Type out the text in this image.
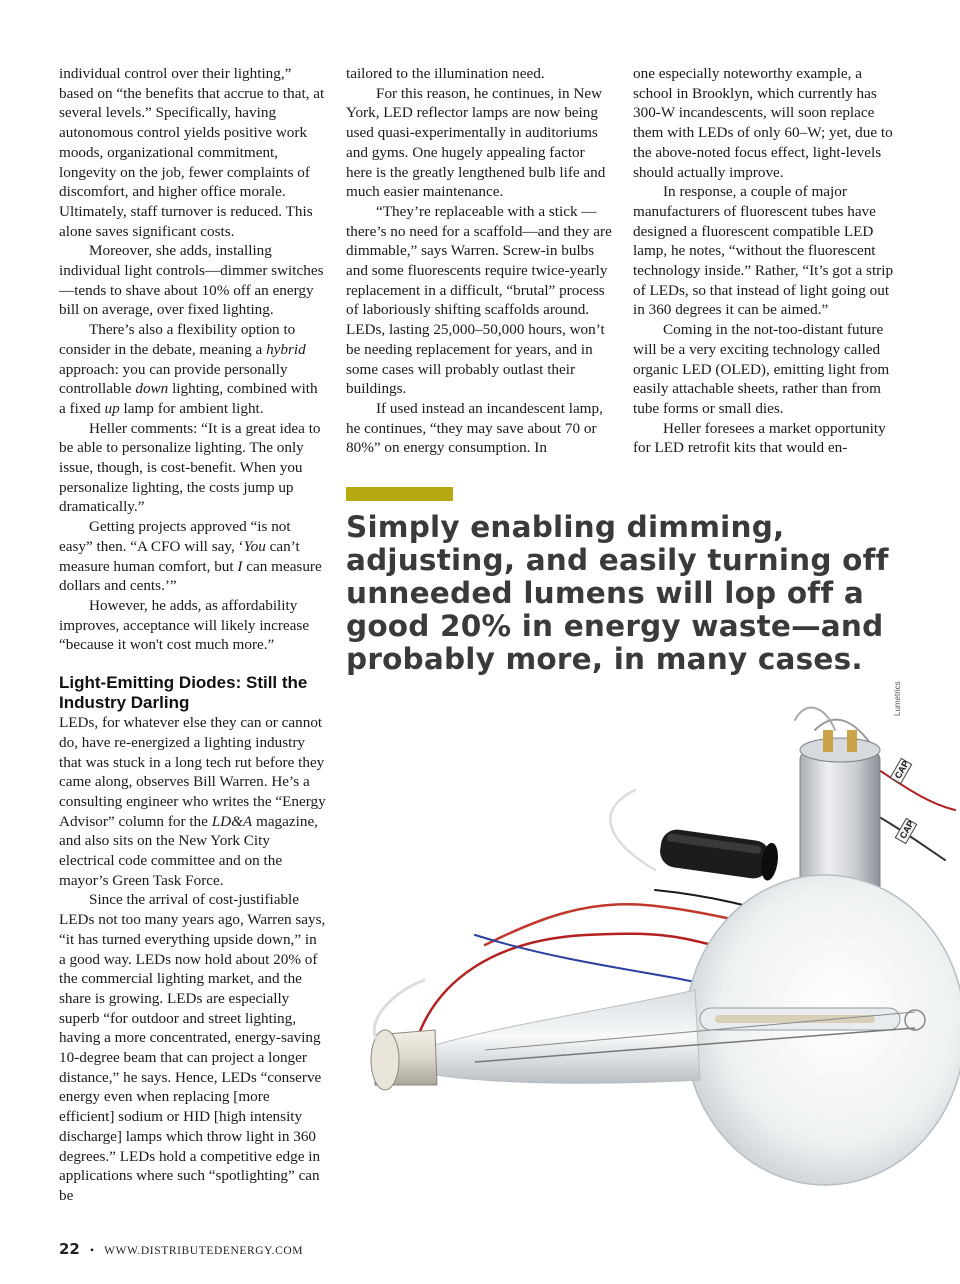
individual control over their lighting,” based on “the benefits that accrue to that, at several levels.” Specifically, having autonomous control yields positive work moods, organizational commitment, longevity on the job, fewer complaints of discomfort, and higher office morale. Ultimately, staff turnover is reduced. This alone saves significant costs.

Moreover, she adds, installing individual light controls—dimmer switches—tends to shave about 10% off an energy bill on average, over fixed lighting.

There’s also a flexibility option to consider in the debate, meaning a hybrid approach: you can provide personally controllable down lighting, combined with a fixed up lamp for ambient light.

Heller comments: “It is a great idea to be able to personalize lighting. The only issue, though, is cost-benefit. When you personalize lighting, the costs jump up dramatically.”

Getting projects approved “is not easy” then. “A CFO will say, ‘You can’t measure human comfort, but I can measure dollars and cents.’”

However, he adds, as affordability improves, acceptance will likely increase “because it won't cost much more.”

Light-Emitting Diodes: Still the Industry Darling

LEDs, for whatever else they can or cannot do, have re-energized a lighting industry that was stuck in a long tech rut before they came along, observes Bill Warren. He’s a consulting engineer who writes the “Energy Advisor” column for the LD&A magazine, and also sits on the New York City electrical code committee and on the mayor’s Green Task Force.

Since the arrival of cost-justifiable LEDs not too many years ago, Warren says, “it has turned everything upside down,” in a good way. LEDs now hold about 20% of the commercial lighting market, and the share is growing. LEDs are especially superb “for outdoor and street lighting, having a more concentrated, energy-saving 10-degree beam that can project a longer distance,” he says. Hence, LEDs “conserve energy even when replacing [more efficient] sodium or HID [high intensity discharge] lamps which throw light in 360 degrees.” LEDs hold a competitive edge in applications where such “spotlighting” can be

tailored to the illumination need.

For this reason, he continues, in New York, LED reflector lamps are now being used quasi-experimentally in auditoriums and gyms. One hugely appealing factor here is the greatly lengthened bulb life and much easier maintenance.

“They’re replaceable with a stick —there’s no need for a scaffold—and they are dimmable,” says Warren. Screw-in bulbs and some fluorescents require twice-yearly replacement in a difficult, “brutal” process of laboriously shifting scaffolds around. LEDs, lasting 25,000–50,000 hours, won’t be needing replacement for years, and in some cases will probably outlast their buildings.

If used instead an incandescent lamp, he continues, “they may save about 70 or 80%” on energy consumption. In

one especially noteworthy example, a school in Brooklyn, which currently has 300-W incandescents, will soon replace them with LEDs of only 60–W; yet, due to the above-noted focus effect, light-levels should actually improve.

In response, a couple of major manufacturers of fluorescent tubes have designed a fluorescent compatible LED lamp, he notes, “without the fluorescent technology inside.” Rather, “It’s got a strip of LEDs, so that instead of light going out in 360 degrees it can be aimed.”

Coming in the not-too-distant future will be a very exciting technology called organic LED (OLED), emitting light from easily attachable sheets, rather than from tube forms or small dies.

Heller foresees a market opportunity for LED retrofit kits that would en-

Simply enabling dimming, adjusting, and easily turning off unneeded lumens will lop off a good 20% in energy waste—and probably more, in many cases.
Lumetrics
CAP
CAP
22 • WWW.DISTRIBUTEDENERGY.COM
